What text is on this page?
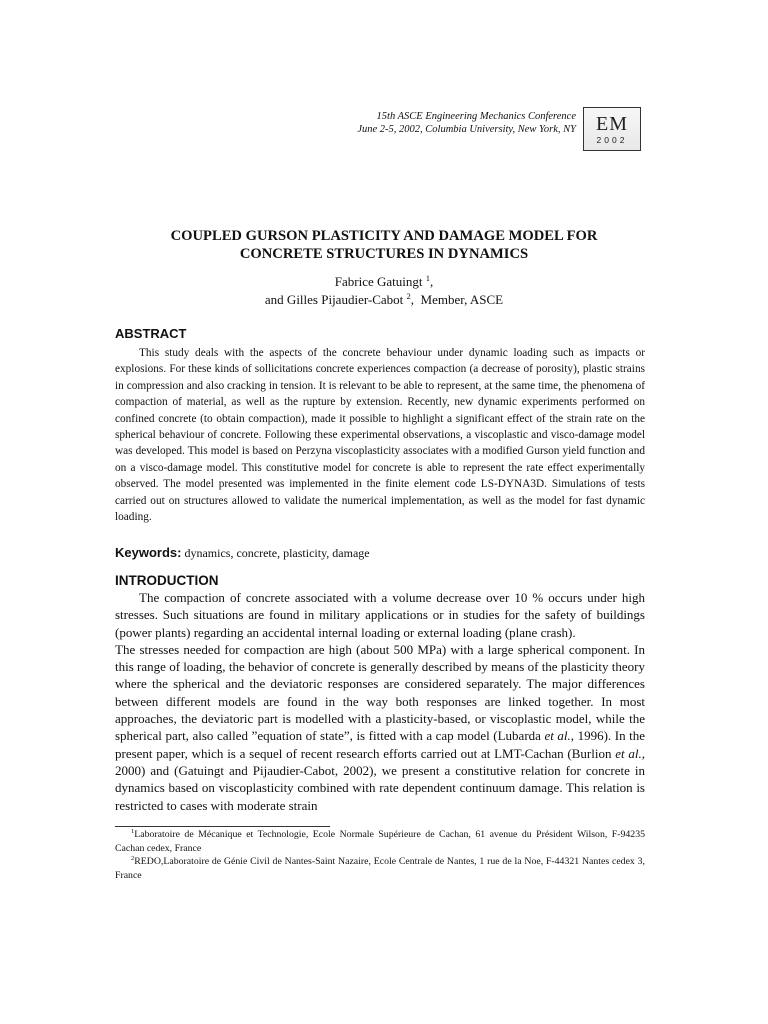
15th ASCE Engineering Mechanics Conference
June 2-5, 2002, Columbia University, New York, NY	EM
2002
COUPLED GURSON PLASTICITY AND DAMAGE MODEL FOR
CONCRETE STRUCTURES IN DYNAMICS
Fabrice Gatuingt $^1$,
and Gilles Pijaudier-Cabot $^2$,  Member, ASCE
ABSTRACT

This study deals with the aspects of the concrete behaviour under dynamic loading such as impacts or explosions. For these kinds of sollicitations concrete experiences compaction (a decrease of porosity), plastic strains in compression and also cracking in tension. It is relevant to be able to represent, at the same time, the phenomena of compaction of material, as well as the rupture by extension. Recently, new dynamic experiments performed on confined concrete (to obtain compaction), made it possible to highlight a significant effect of the strain rate on the spherical behaviour of concrete. Following these experimental observations, a viscoplastic and visco-damage model was developed. This model is based on Perzyna viscoplasticity associates with a modified Gurson yield function and on a visco-damage model. This constitutive model for concrete is able to represent the rate effect experimentally observed. The model presented was implemented in the finite element code LS-DYNA3D. Simulations of tests carried out on structures allowed to validate the numerical implementation, as well as the model for fast dynamic loading.

Keywords: dynamics, concrete, plasticity, damage
INTRODUCTION

The compaction of concrete associated with a volume decrease over 10 % occurs under high stresses. Such situations are found in military applications or in studies for the safety of buildings (power plants) regarding an accidental internal loading or external loading (plane crash).

The stresses needed for compaction are high (about 500 MPa) with a large spherical component. In this range of loading, the behavior of concrete is generally described by means of the plasticity theory where the spherical and the deviatoric responses are considered separately. The major differences between different models are found in the way both responses are linked together. In most approaches, the deviatoric part is modelled with a plasticity-based, or viscoplastic model, while the spherical part, also called ”equation of state”, is fitted with a cap model (Lubarda et al., 1996). In the present paper, which is a sequel of recent research efforts carried out at LMT-Cachan (Burlion et al., 2000) and (Gatuingt and Pijaudier-Cabot, 2002), we present a constitutive relation for concrete in dynamics based on viscoplasticity combined with rate dependent continuum damage. This relation is restricted to cases with moderate strain

$^1$Laboratoire de Mécanique et Technologie, Ecole Normale Supérieure de Cachan, 61 avenue du Président Wilson, F-94235 Cachan cedex, France

$^2$REDO,Laboratoire de Génie Civil de Nantes-Saint Nazaire, Ecole Centrale de Nantes, 1 rue de la Noe, F-44321 Nantes cedex 3, France
